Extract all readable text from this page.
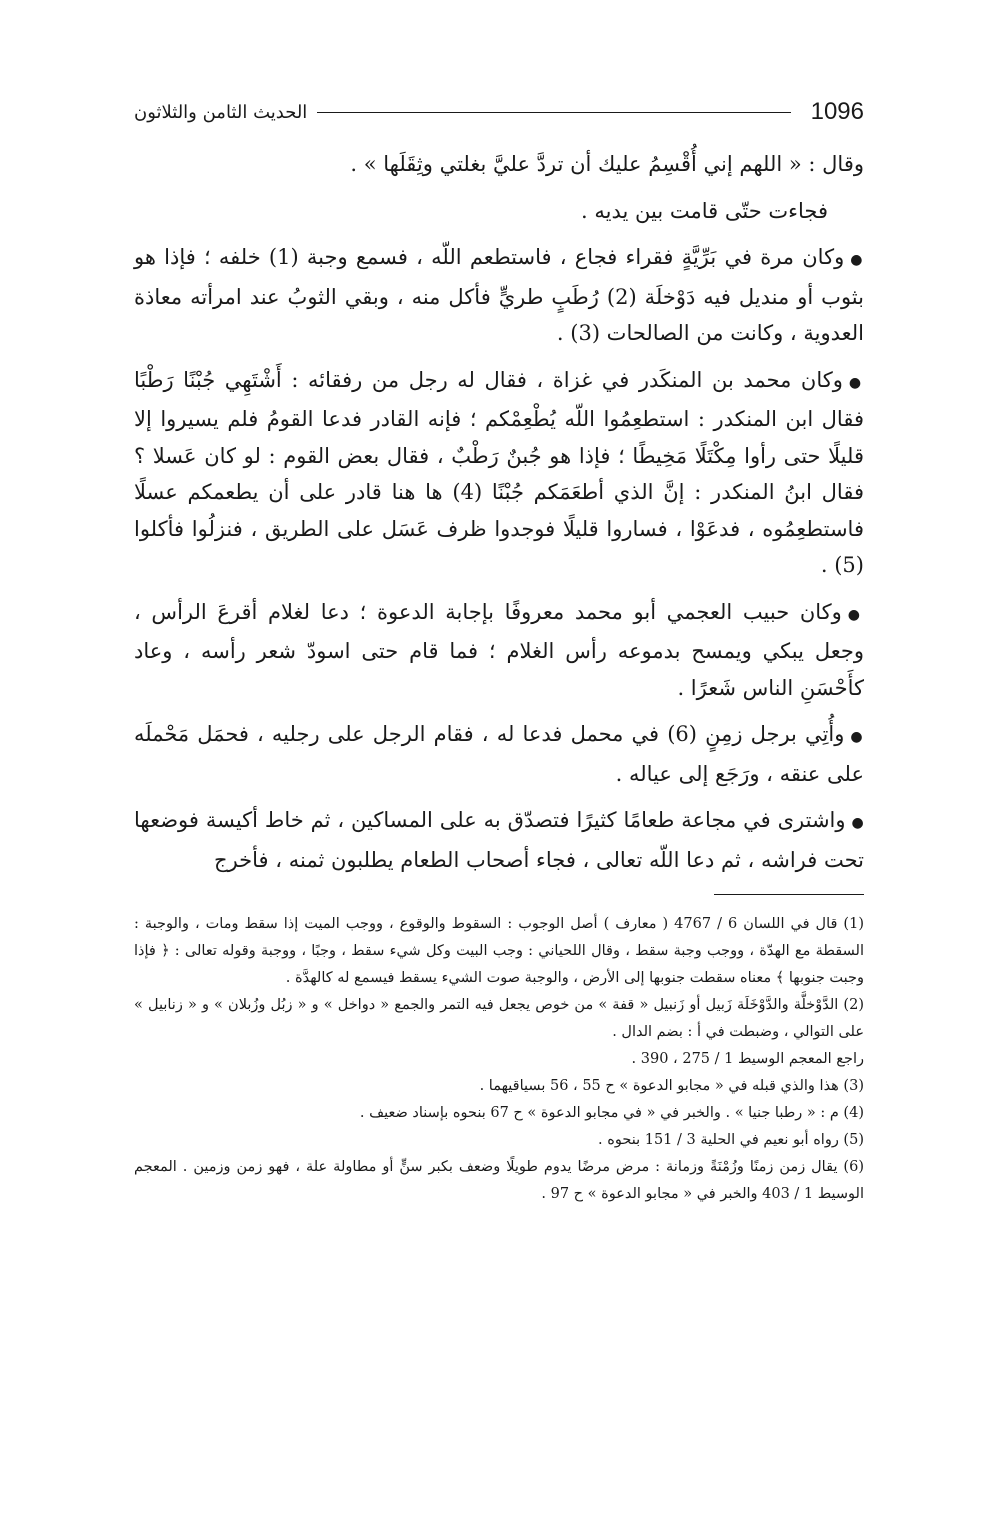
1096
الحديث الثامن والثلاثون

وقال : « اللهم إني أُقْسِمُ عليك أن تردَّ عليَّ بغلتي وثِقَلَها » .

فجاءت حتّى قامت بين يديه .

●وكان مرة في بَرِّيَّةٍ فقراء فجاع ، فاستطعم اللّه ، فسمع وجبة (1) خلفه ؛ فإذا هو بثوب أو منديل فيه دَوْخلَة (2) رُطَبٍ طريٍّ فأكل منه ، وبقي الثوبُ عند امرأته معاذة العدوية ، وكانت من الصالحات (3) .

●وكان محمد بن المنكَدر في غزاة ، فقال له رجل من رفقائه : أَشْتَهِي جُبْنًا رَطْبًا فقال ابن المنكدر : استطعِمُوا اللّه يُطْعِمْكم ؛ فإنه القادر فدعا القومُ فلم يسيروا إلا قليلًا حتى رأوا مِكْتَلًا مَخِيطًا ؛ فإذا هو جُبنٌ رَطْبٌ ، فقال بعض القوم : لو كان عَسلا ؟ فقال ابنُ المنكدر : إنَّ الذي أطعَمَكم جُبْنًا (4) ها هنا قادر على أن يطعمكم عسلًا فاستطعِمُوه ، فدعَوْا ، فساروا قليلًا فوجدوا ظرف عَسَل على الطريق ، فنزلُوا فأكلوا (5) .

●وكان حبيب العجمي أبو محمد معروفًا بإجابة الدعوة ؛ دعا لغلام أقرعَ الرأس ، وجعل يبكي ويمسح بدموعه رأس الغلام ؛ فما قام حتى اسودّ شعر رأسه ، وعاد كأَحْسَنِ الناس شَعرًا .

●وأُتِي برجل زمِنٍ (6) في محمل فدعا له ، فقام الرجل على رجليه ، فحمَل مَحْملَه على عنقه ، ورَجَع إلى عياله .

●واشترى في مجاعة طعامًا كثيرًا فتصدّق به على المساكين ، ثم خاط أكيسة فوضعها تحت فراشه ، ثم دعا اللّه تعالى ، فجاء أصحاب الطعام يطلبون ثمنه ، فأخرج

(1) قال في اللسان 6 / 4767 ( معارف ) أصل الوجوب : السقوط والوقوع ، ووجب الميت إذا سقط ومات ، والوجبة : السقطة مع الهدّة ، ووجب وجبة سقط ، وقال اللحياني : وجب البيت وكل شيء سقط ، وجبًا ، ووجبة وقوله تعالى : ﴿ فإذا وجبت جنوبها ﴾ معناه سقطت جنوبها إلى الأرض ، والوجبة صوت الشيء يسقط فيسمع له كالهدَّة .

(2) الدَّوْخلَّة والدَّوْخَلَة زَبيل أو زَنبيل « قفة » من خوص يجعل فيه التمر والجمع « دواخل » و « زبُل وزُبلان » و « زنابيل » على التوالي ، وضبطت في أ : بضم الدال .

راجع المعجم الوسيط 1 / 275 ، 390 .

(3) هذا والذي قبله في « مجابو الدعوة » ح 55 ، 56 بسياقيهما .

(4) م : « رطبا جنيا » . والخبر في « في مجابو الدعوة » ح 67 بنحوه بإسناد ضعيف .

(5) رواه أبو نعيم في الحلية 3 / 151 بنحوه .

(6) يقال زمن زمنًا وزُمْنَةً وزمانة : مرض مرضًا يدوم طويلًا وضعف بكبر سنٍّ أو مطاولة علة ، فهو زمن وزمين . المعجم الوسيط 1 / 403 والخبر في « مجابو الدعوة » ح 97 .
